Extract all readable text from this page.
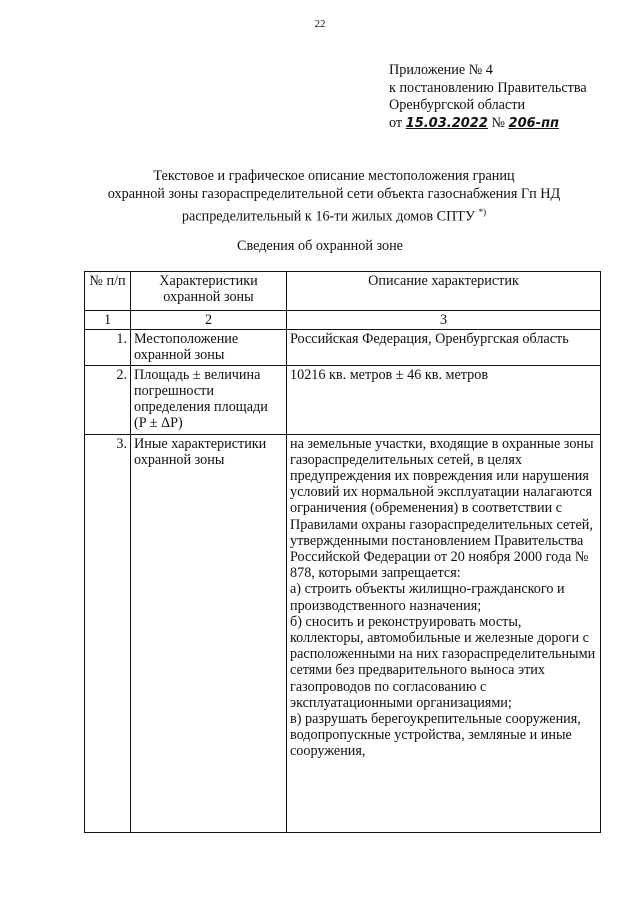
22
Приложение № 4
к постановлению Правительства
Оренбургской области
от 15.03.2022 № 206-пп
Текстовое и графическое описание местоположения границ
охранной зоны газораспределительной сети объекта газоснабжения Гп НД
распределительный к 16-ти жилых домов СПТУ *)
Сведения об охранной зоне
№ п/п	Характеристики охранной зоны	Описание характеристик
1	2	3
1.	Местоположение охранной зоны	Российская Федерация, Оренбургская область
2.	Площадь ± величина погрешности определения площади (P ± ΔP)	10216 кв. метров ± 46 кв. метров
3.	Иные характеристики охранной зоны	на земельные участки, входящие в охранные зоны газораспределительных сетей, в целях предупреждения их повреждения или нарушения условий их нормальной эксплуатации налагаются ограничения (обременения) в соответствии с Правилами охраны газораспределительных сетей, утвержденными постановлением Правительства Российской Федерации от 20 ноября 2000 года № 878, которыми запрещается:
а) строить объекты жилищно-гражданского и производственного назначения;
б) сносить и реконструировать мосты, коллекторы, автомобильные и железные дороги с расположенными на них газораспределительными сетями без предварительного выноса этих газопроводов по согласованию с эксплуатационными организациями;
в) разрушать берегоукрепительные сооружения, водопропускные устройства, земляные и иные сооружения,
